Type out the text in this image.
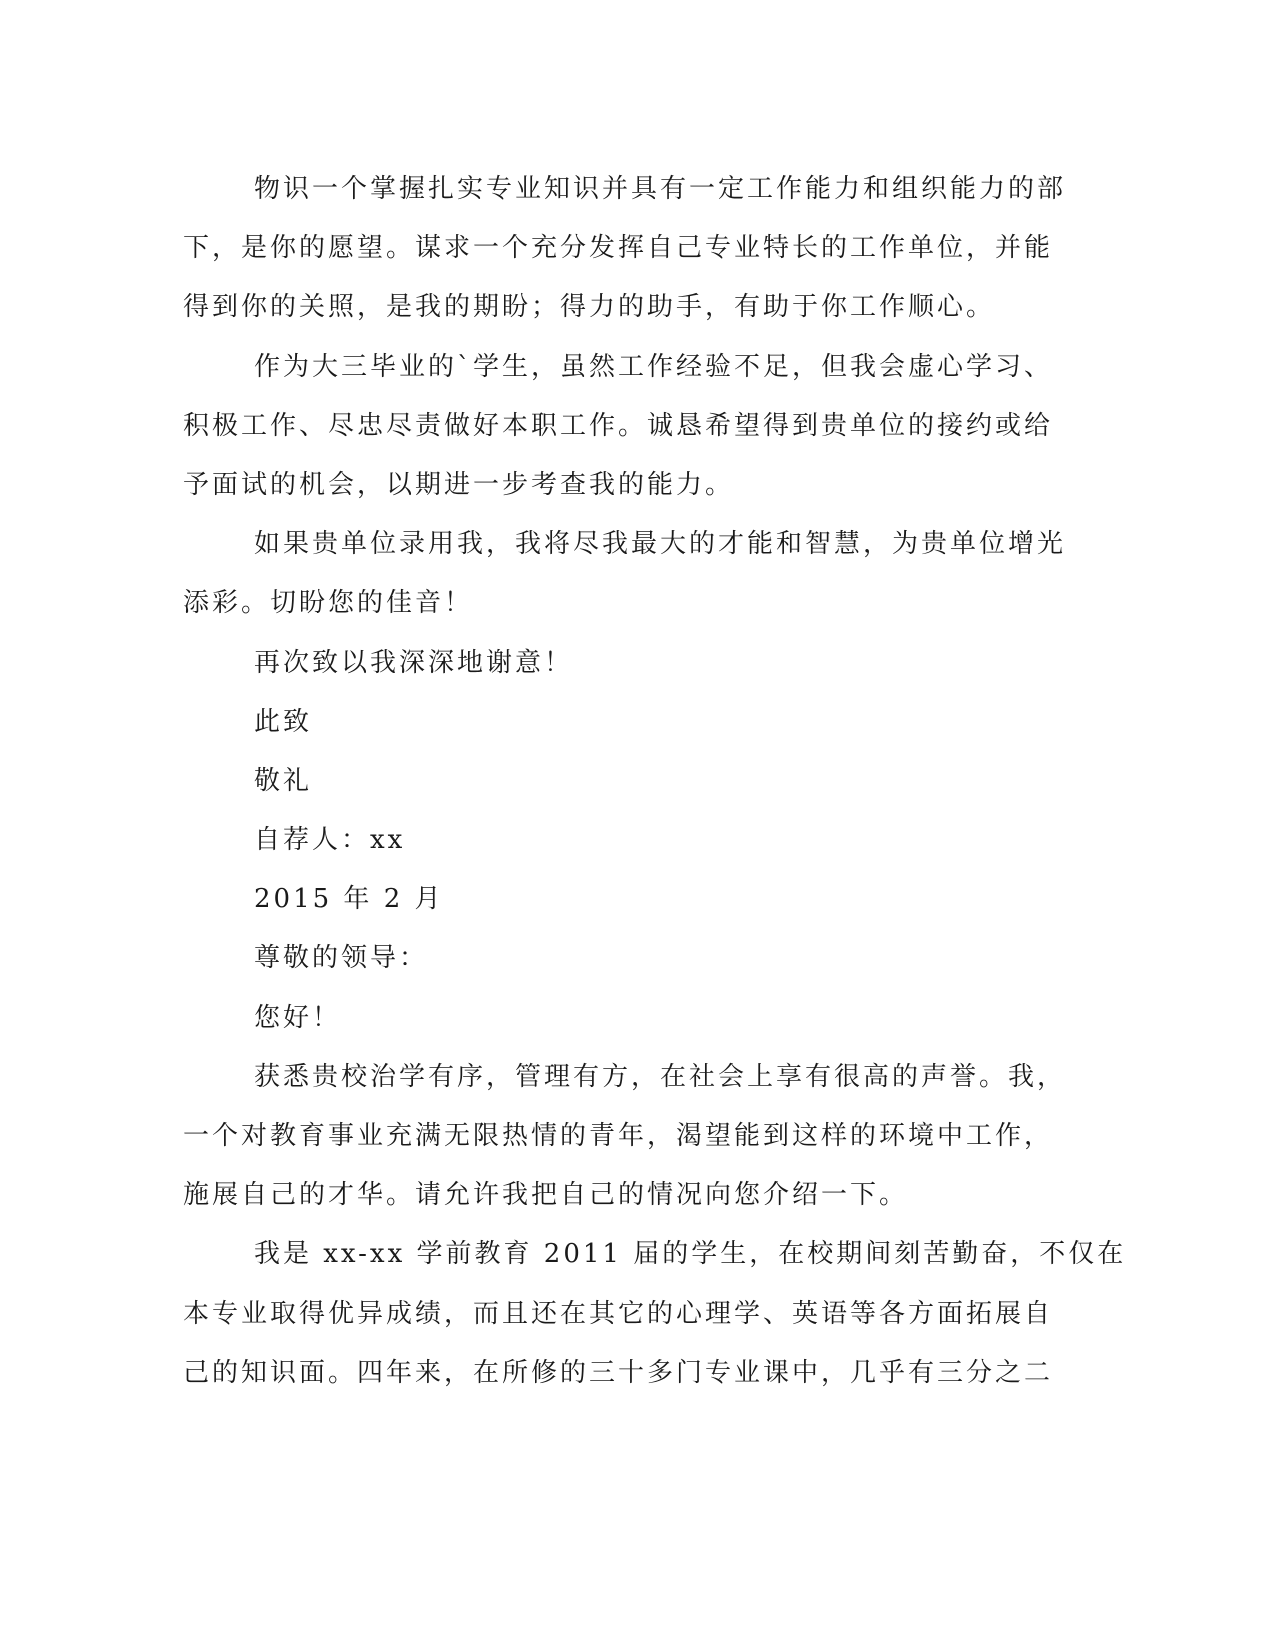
物识一个掌握扎实专业知识并具有一定工作能力和组织能力的部
下，是你的愿望。谋求一个充分发挥自己专业特长的工作单位，并能
得到你的关照，是我的期盼；得力的助手，有助于你工作顺心。
作为大三毕业的`学生，虽然工作经验不足，但我会虚心学习、
积极工作、尽忠尽责做好本职工作。诚恳希望得到贵单位的接约或给
予面试的机会，以期进一步考查我的能力。
如果贵单位录用我，我将尽我最大的才能和智慧，为贵单位增光
添彩。切盼您的佳音！
再次致以我深深地谢意！
此致
敬礼
自荐人：xx
2015 年 2 月
尊敬的领导：
您好！
获悉贵校治学有序，管理有方，在社会上享有很高的声誉。我，
一个对教育事业充满无限热情的青年，渴望能到这样的环境中工作，
施展自己的才华。请允许我把自己的情况向您介绍一下。
我是 xx-xx 学前教育 2011 届的学生，在校期间刻苦勤奋，不仅在
本专业取得优异成绩，而且还在其它的心理学、英语等各方面拓展自
己的知识面。四年来，在所修的三十多门专业课中，几乎有三分之二
